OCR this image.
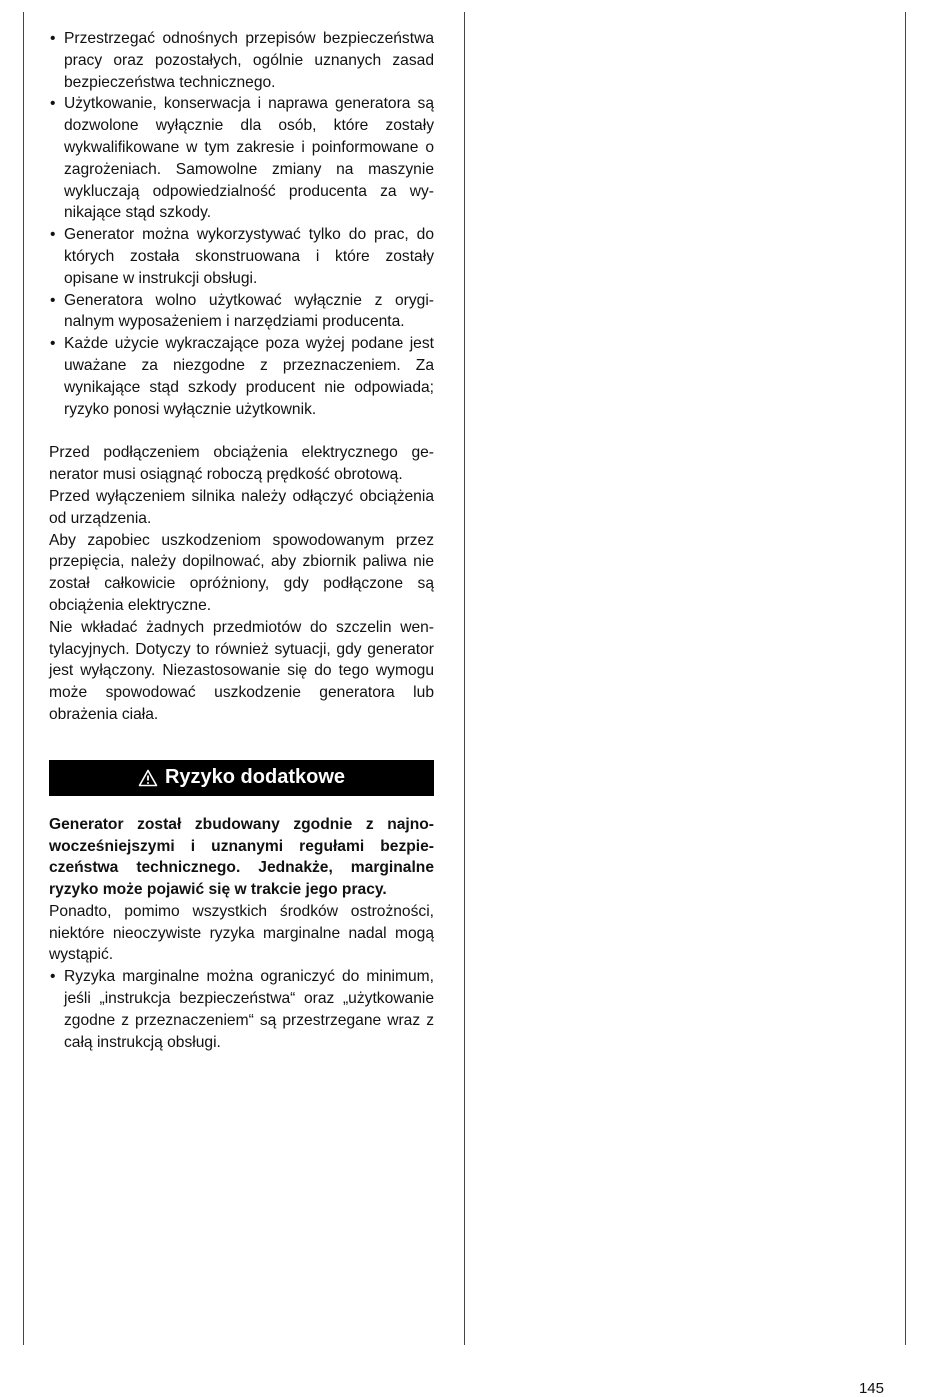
• Przestrzegać odnośnych przepisów bezpieczeństwa pracy oraz pozostałych, ogólnie uznanych zasad bezpieczeństwa technicznego.
• Użytkowanie, konserwacja i naprawa generatora są dozwolone wyłącznie dla osób, które zostały wykwalifikowane w tym zakresie i poinformowane o zagrożeniach. Samowolne zmiany na maszynie wykluczają odpowiedzialność producenta za wynikające stąd szkody.
• Generator można wykorzystywać tylko do prac, do których została skonstruowana i które zostały opisane w instrukcji obsługi.
• Generatora wolno użytkować wyłącznie z oryginalnym wyposażeniem i narzędziami producenta.
• Każde użycie wykraczające poza wyżej podane jest uważane za niezgodne z przeznaczeniem. Za wynikające stąd szkody producent nie odpowiada; ryzyko ponosi wyłącznie użytkownik.

Przed podłączeniem obciążenia elektrycznego generator musi osiągnąć roboczą prędkość obrotową.

Przed wyłączeniem silnika należy odłączyć obciążenia od urządzenia.

Aby zapobiec uszkodzeniom spowodowanym przez przepięcia, należy dopilnować, aby zbiornik paliwa nie został całkowicie opróżniony, gdy podłączone są obciążenia elektryczne.

Nie wkładać żadnych przedmiotów do szczelin wentylacyjnych. Dotyczy to również sytuacji, gdy generator jest wyłączony. Niezastosowanie się do tego wymogu może spowodować uszkodzenie generatora lub obrażenia ciała.

Ryzyko dodatkowe

Generator został zbudowany zgodnie z najnowocześniejszymi i uznanymi regułami bezpieczeństwa technicznego. Jednakże, marginalne ryzyko może pojawić się w trakcie jego pracy.

Ponadto, pomimo wszystkich środków ostrożności, niektóre nieoczywiste ryzyka marginalne nadal mogą wystąpić.

• Ryzyka marginalne można ograniczyć do minimum, jeśli „instrukcja bezpieczeństwa“ oraz „użytkowanie zgodne z przeznaczeniem“ są przestrzegane wraz z całą instrukcją obsługi.
145
